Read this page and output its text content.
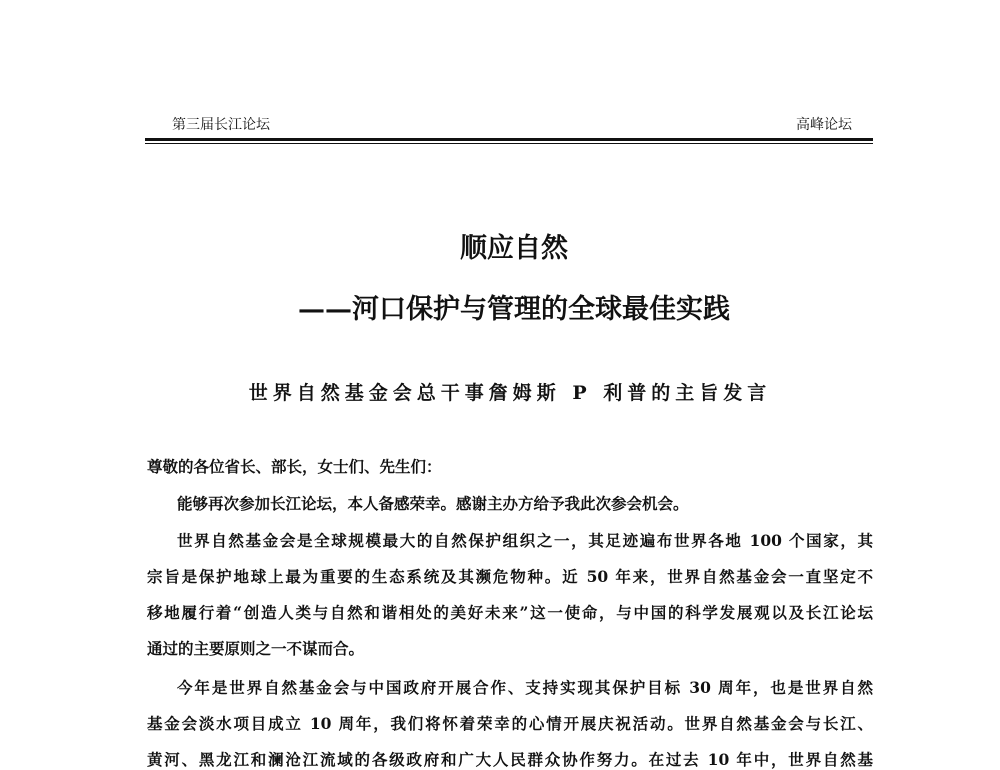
第三届长江论坛	高峰论坛
顺应自然
——河口保护与管理的全球最佳实践
世界自然基金会总干事詹姆斯 P 利普的主旨发言
尊敬的各位省长、部长，女士们、先生们：
能够再次参加长江论坛，本人备感荣幸。感谢主办方给予我此次参会机会。
世界自然基金会是全球规模最大的自然保护组织之一，其足迹遍布世界各地 100 个国家，其
宗旨是保护地球上最为重要的生态系统及其濒危物种。近 50 年来，世界自然基金会一直坚定不
移地履行着“创造人类与自然和谐相处的美好未来”这一使命，与中国的科学发展观以及长江论坛
通过的主要原则之一不谋而合。
今年是世界自然基金会与中国政府开展合作、支持实现其保护目标 30 周年，也是世界自然
基金会淡水项目成立 10 周年，我们将怀着荣幸的心情开展庆祝活动。世界自然基金会与长江、
黄河、黑龙江和澜沧江流域的各级政府和广大人民群众协作努力。在过去 10 年中，世界自然基
